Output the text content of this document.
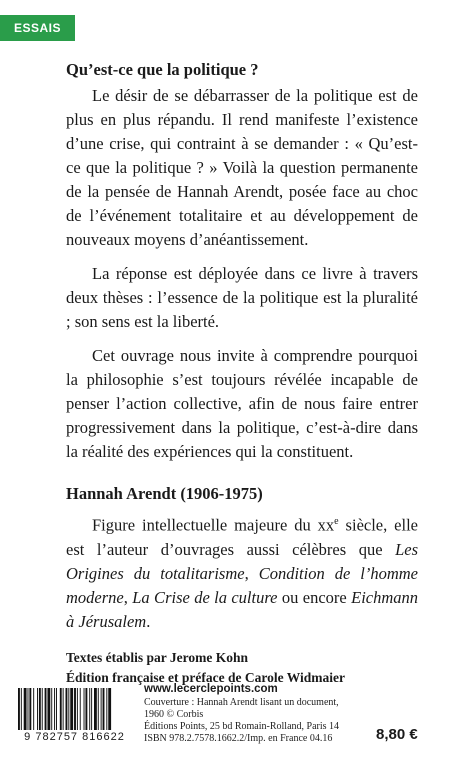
ESSAIS

Qu’est-ce que la politique ?

Le désir de se débarrasser de la politique est de plus en plus répandu. Il rend manifeste l’existence d’une crise, qui contraint à se demander : « Qu’est-ce que la politique ? » Voilà la question permanente de la pensée de Hannah Arendt, posée face au choc de l’événement totalitaire et au développement de nouveaux moyens d’anéantissement.

La réponse est déployée dans ce livre à travers deux thèses : l’essence de la politique est la pluralité ; son sens est la liberté.

Cet ouvrage nous invite à comprendre pourquoi la philosophie s’est toujours révélée incapable de penser l’action collective, afin de nous faire entrer progressivement dans la politique, c’est-à-dire dans la réalité des expériences qui la constituent.

Hannah Arendt (1906-1975)

Figure intellectuelle majeure du $xx^e$ siècle, elle est l’auteur d’ouvrages aussi célèbres que Les Origines du totalitarisme, Condition de l’homme moderne, La Crise de la culture ou encore Eichmann à Jérusalem.

Textes établis par Jerome Kohn

Édition française et préface de Carole Widmaier

9 782757 816622

www.lecerclepoints.com

Couverture : Hannah Arendt lisant un document,

1960 © Corbis

Éditions Points, 25 bd Romain-Rolland, Paris 14

ISBN 978.2.7578.1662.2/Imp. en France 04.16	8,80 €
